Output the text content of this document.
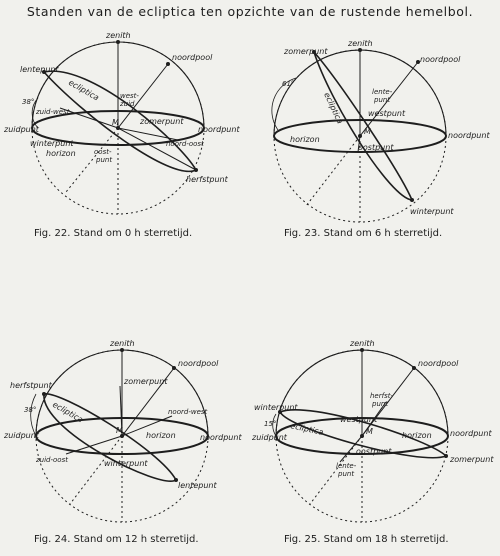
Standen van de ecliptica ten opzichte van de rustende hemelbol.
zenith
noordpool
lentepunt
ecliptica	west-
zuid
38°
zuid-west
zomerpunt
zuidpunt	noordpunt
M
winterpunt
horizon
noord-oost
oost-
punt
herfstpunt
Fig. 22. Stand om 0 h sterretijd.
zenith
noordpool
zomerpunt
61°
lente-
punt
ecliptica	westpunt
M	noordpunt
horizon
oostpunt
winterpunt
Fig. 23. Stand om 6 h sterretijd.
zenith
noordpool
herfstpunt	zomerpunt
noord-west
38° ecliptica
zuidpunt
M
horizon	noordpunt
zuid-oost	winterpunt
lentepunt
Fig. 24. Stand om 12 h sterretijd.
zenith
noordpool
winterpunt
herfst-
punt
15°	westpunt
zuidpunt
ecliptica	M	horizon noordpunt
oostpunt
zomerpunt
lente-
punt
Fig. 25. Stand om 18 h sterretijd.
